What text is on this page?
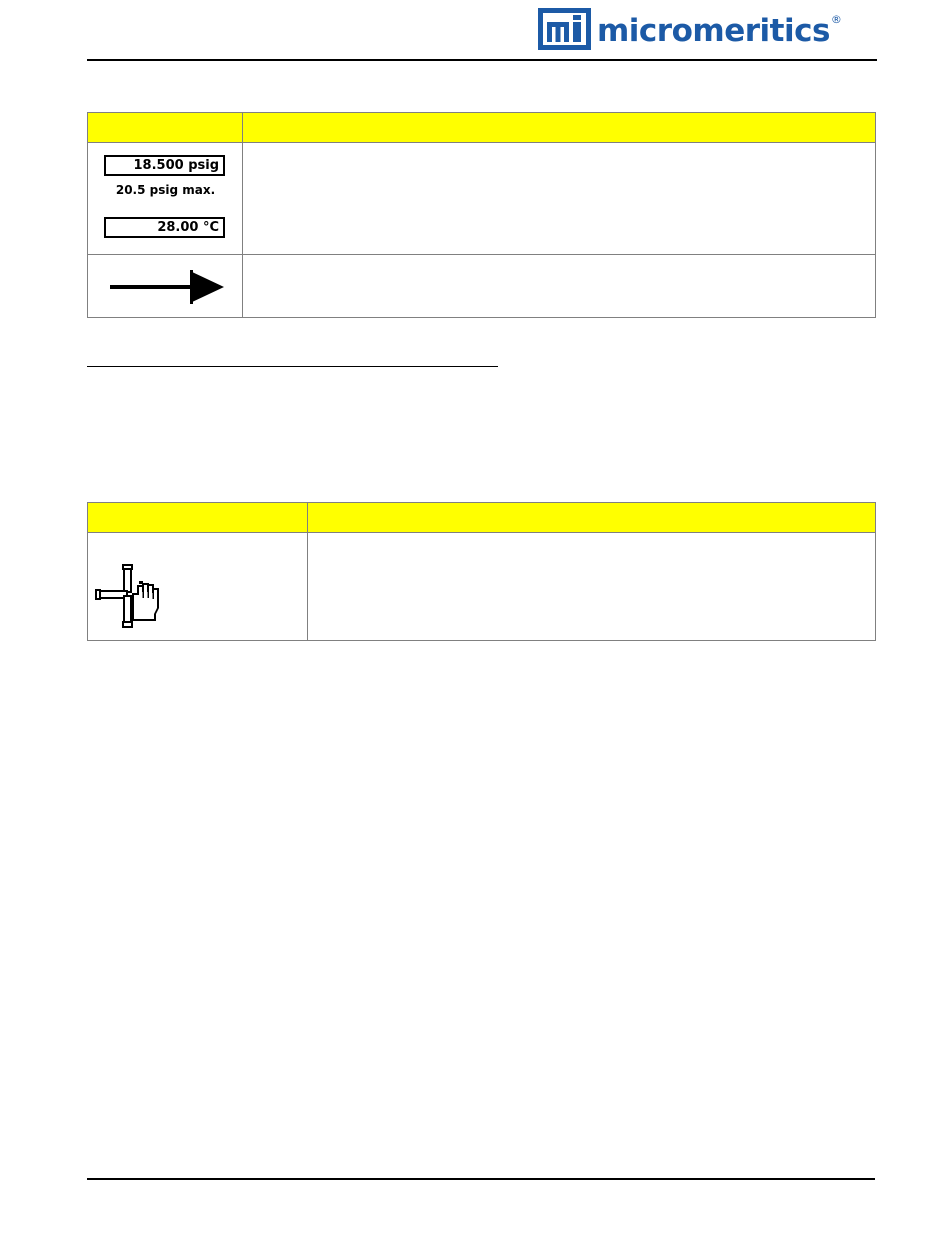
micromeritics ®

18.500 psig
20.5 psig max.
28.00 °C	
